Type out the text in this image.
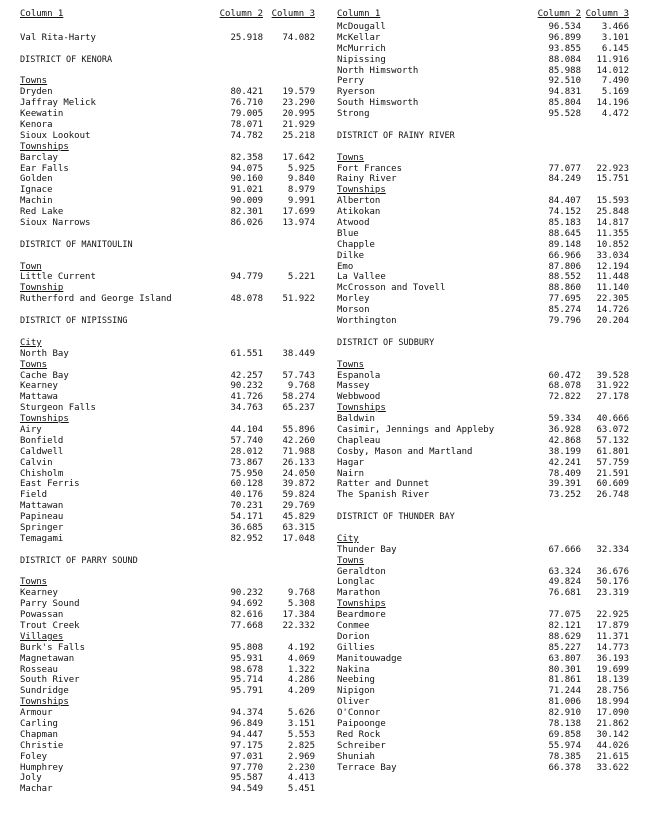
Column 1	Column 2 Column 3
Val Rita-Harty	25.918	74.082
DISTRICT OF KENORA
Towns
Dryden	80.421	19.579
Jaffray Melick	76.710	23.290
Keewatin	79.005	20.995
Kenora	78.071	21.929
Sioux Lookout	74.782	25.218
Townships
Barclay	82.358	17.642
Ear Falls	94.075	5.925
Golden	90.160	9.840
Ignace	91.021	8.979
Machin	90.009	9.991
Red Lake	82.301	17.699
Sioux Narrows	86.026	13.974
DISTRICT OF MANITOULIN
Town
Little Current	94.779	5.221
Township
Rutherford and George Island	48.078	51.922
DISTRICT OF NIPISSING
City
North Bay	61.551	38.449
Towns
Cache Bay	42.257	57.743
Kearney	90.232	9.768
Mattawa	41.726	58.274
Sturgeon Falls	34.763	65.237
Townships
Airy	44.104	55.896
Bonfield	57.740	42.260
Caldwell	28.012	71.988
Calvin	73.867	26.133
Chisholm	75.950	24.050
East Ferris	60.128	39.872
Field	40.176	59.824
Mattawan	70.231	29.769
Papineau	54.171	45.829
Springer	36.685	63.315
Temagami	82.952	17.048
DISTRICT OF PARRY SOUND
Towns
Kearney	90.232	9.768
Parry Sound	94.692	5.308
Powassan	82.616	17.384
Trout Creek	77.668	22.332
Villages
Burk's Falls	95.808	4.192
Magnetawan	95.931	4.069
Rosseau	98.678	1.322
South River	95.714	4.286
Sundridge	95.791	4.209
Townships
Armour	94.374	5.626
Carling	96.849	3.151
Chapman	94.447	5.553
Christie	97.175	2.825
Foley	97.031	2.969
Humphrey	97.770	2.230
Joly	95.587	4.413
Machar	94.549	5.451
Column 1	Column 2 Column 3
McDougall	96.534	3.466
McKellar	96.899	3.101
McMurrich	93.855	6.145
Nipissing	88.084	11.916
North Himsworth	85.988	14.012
Perry	92.510	7.490
Ryerson	94.831	5.169
South Himsworth	85.804	14.196
Strong	95.528	4.472
DISTRICT OF RAINY RIVER
Towns
Fort Frances	77.077	22.923
Rainy River	84.249	15.751
Townships
Alberton	84.407	15.593
Atikokan	74.152	25.848
Atwood	85.183	14.817
Blue	88.645	11.355
Chapple	89.148	10.852
Dilke	66.966	33.034
Emo	87.806	12.194
La Vallee	88.552	11.448
McCrosson and Tovell	88.860	11.140
Morley	77.695	22.305
Morson	85.274	14.726
Worthington	79.796	20.204
DISTRICT OF SUDBURY
Towns
Espanola	60.472	39.528
Massey	68.078	31.922
Webbwood	72.822	27.178
Townships
Baldwin	59.334	40.666
Casimir, Jennings and Appleby	36.928	63.072
Chapleau	42.868	57.132
Cosby, Mason and Martland	38.199	61.801
Hagar	42.241	57.759
Nairn	78.409	21.591
Ratter and Dunnet	39.391	60.609
The Spanish River	73.252	26.748
DISTRICT OF THUNDER BAY
City
Thunder Bay	67.666	32.334
Towns
Geraldton	63.324	36.676
Longlac	49.824	50.176
Marathon	76.681	23.319
Townships
Beardmore	77.075	22.925
Conmee	82.121	17.879
Dorion	88.629	11.371
Gillies	85.227	14.773
Manitouwadge	63.807	36.193
Nakina	80.301	19.699
Neebing	81.861	18.139
Nipigon	71.244	28.756
Oliver	81.006	18.994
O'Connor	82.910	17.090
Paipoonge	78.138	21.862
Red Rock	69.858	30.142
Schreiber	55.974	44.026
Shuniah	78.385	21.615
Terrace Bay	66.378	33.622
